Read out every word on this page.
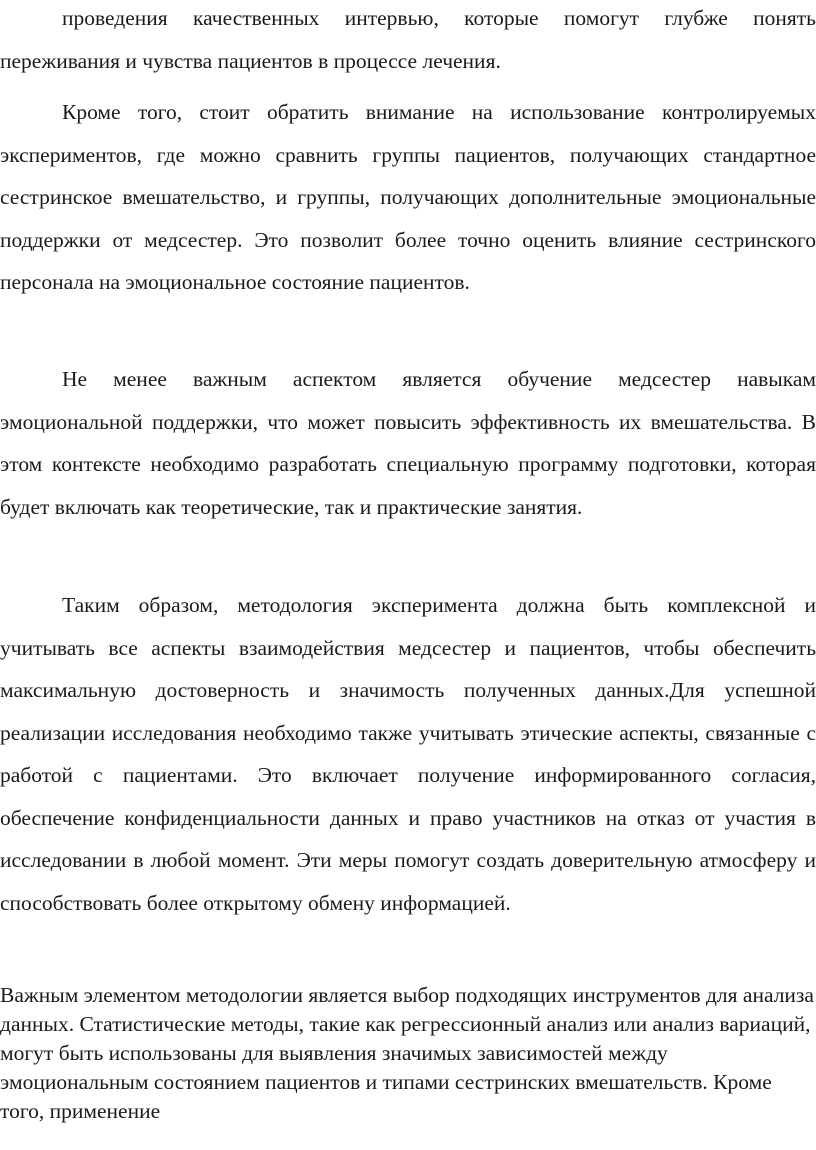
проведения качественных интервью, которые помогут глубже понять переживания и чувства пациентов в процессе лечения.

Кроме того, стоит обратить внимание на использование контролируемых экспериментов, где можно сравнить группы пациентов, получающих стандартное сестринское вмешательство, и группы, получающих дополнительные эмоциональные поддержки от медсестер. Это позволит более точно оценить влияние сестринского персонала на эмоциональное состояние пациентов.

Не менее важным аспектом является обучение медсестер навыкам эмоциональной поддержки, что может повысить эффективность их вмешательства. В этом контексте необходимо разработать специальную программу подготовки, которая будет включать как теоретические, так и практические занятия.

Таким образом, методология эксперимента должна быть комплексной и учитывать все аспекты взаимодействия медсестер и пациентов, чтобы обеспечить максимальную достоверность и значимость полученных данных.Для успешной реализации исследования необходимо также учитывать этические аспекты, связанные с работой с пациентами. Это включает получение информированного согласия, обеспечение конфиденциальности данных и право участников на отказ от участия в исследовании в любой момент. Эти меры помогут создать доверительную атмосферу и способствовать более открытому обмену информацией.

Важным элементом методологии является выбор подходящих инструментов для анализа данных. Статистические методы, такие как регрессионный анализ или анализ вариаций, могут быть использованы для выявления значимых зависимостей между эмоциональным состоянием пациентов и типами сестринских вмешательств. Кроме того, применение
